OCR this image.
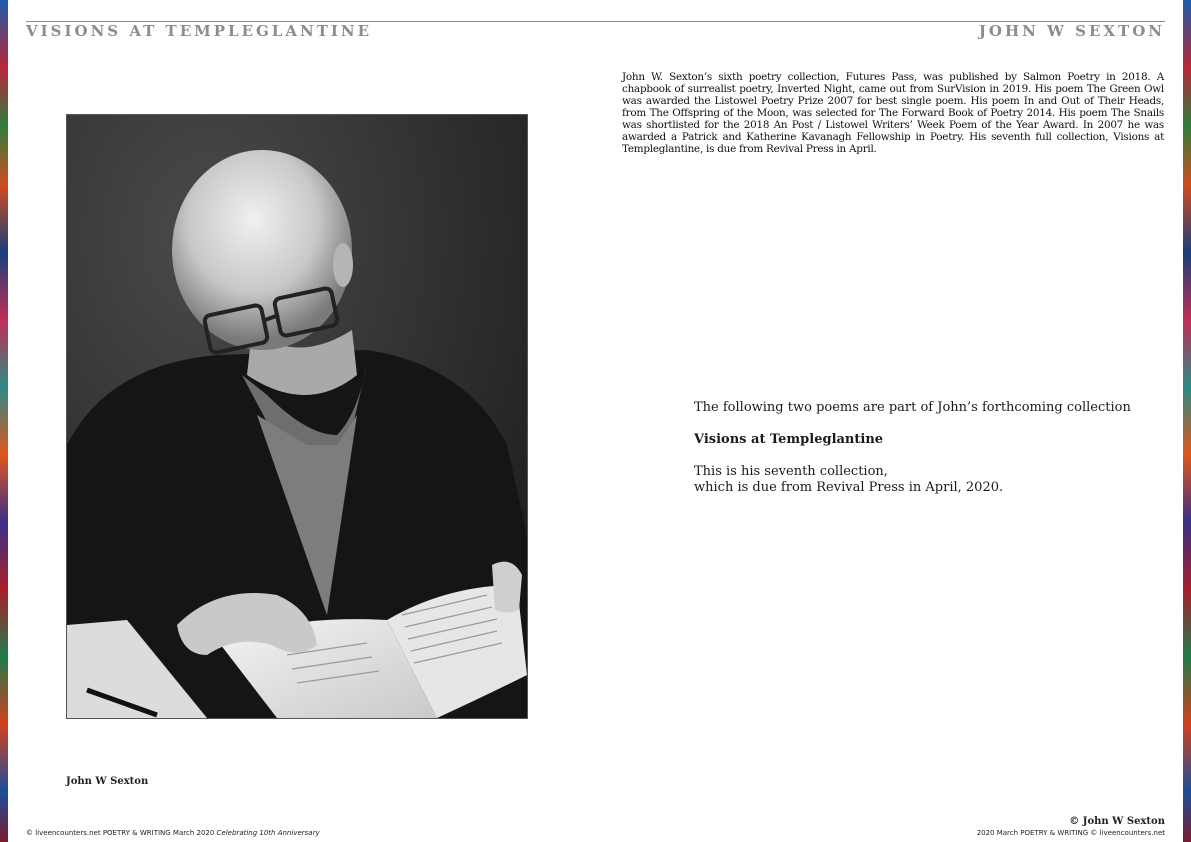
VISIONS AT TEMPLEGLANTINE	JOHN W SEXTON
John W Sexton
John W. Sexton’s sixth poetry collection, Futures Pass, was published by Salmon Poetry in 2018. A chapbook of surrealist poetry, Inverted Night, came out from SurVision in 2019. His poem The Green Owl was awarded the Listowel Poetry Prize 2007 for best single poem. His poem In and Out of Their Heads, from The Offspring of the Moon, was selected for The Forward Book of Poetry 2014. His poem The Snails was shortlisted for the 2018 An Post / Listowel Writers’ Week Poem of the Year Award. In 2007 he was awarded a Patrick and Katherine Kavanagh Fellowship in Poetry. His seventh full collection, Visions at Templeglantine, is due from Revival Press in April.

The following two poems are part of John’s forthcoming collection

Visions at Templeglantine

This is his seventh collection,

which is due from Revival Press in April, 2020.

© John W Sexton
© liveencounters.net POETRY & WRITING March 2020 Celebrating 10th Anniversary	2020 March POETRY & WRITING © liveencounters.net
